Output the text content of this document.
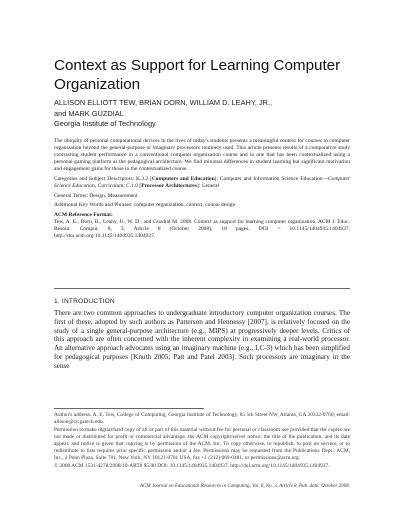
Context as Support for Learning Computer Organization
ALLISON ELLIOTT TEW, BRIAN DORN, WILLIAM D. LEAHY, JR.,
and MARK GUZDIAL
Georgia Institute of Technology

The ubiquity of personal computational devices in the lives of today's students presents a meaningful context for courses in computer organization beyond the general-purpose or imaginary processors routinely used. This article presents results of a comparative study contrasting student performance in a conventional computer organization course and in one that has been contextualized using a personal gaming platform as the pedagogical architecture. We find minimal differences in student learning but significant motivation and engagement gains for those in the contextualized course.

Categories and Subject Descriptors: K.3.2 [Computers and Education]: Computer and Information Science Education—Computer Science Education, Curriculum; C.1.0 [Processor Architectures]: General

General Terms: Design, Measurement

Additional Key Words and Phrases: computer organization, context, course design

ACM Reference Format:
Tew, A. E., Dorn, B., Leahy, Jr., W. D., and Guzdial M. 2008. Context as support for learning computer organization. ACM J. Educ. Resour. Comput. 8, 3, Article 8 (October 2008), 18 pages. DOI = 10.1145/1404935.1404937. http://doi.acm.org/10.1145/1404935.1404937.

1. INTRODUCTION

There are two common approaches to undergraduate introductory computer organization courses. The first of these, adopted by such authors as Patterson and Hennessy [2007], is relatively focused on the study of a single general-purpose architecture (e.g., MIPS) at progressively deeper levels. Critics of this approach are often concerned with the inherent complexity in examining a real-world processor. An alternative approach advocates using an imaginary machine (e.g., LC-3) which has been simplified for pedagogical purposes [Knuth 2005; Patt and Patel 2003]. Such processors are imaginary in the sense

Author's address: A. E. Tew, College of Computing, Georgia Institute of Technology, 85 5th Street NW, Atlanta, GA 30332-0760; email: allison@cc.gatech.edu.

Permission to make digital/hard copy of all or part of this material without fee for personal or classroom use provided that the copies are not made or distributed for profit or commercial advantage, the ACM copyright/server notice, the title of the publication, and its date appear, and notice is given that copying is by permission of the ACM, Inc. To copy otherwise, to republish, to post on servers, or to redistribute to lists requires prior specific permission and/or a fee. Permissions may be requested from the Publications Dept., ACM, Inc., 2 Penn Plaza, Suite 701, New York, NY 10121-0701 USA, fax +1 (212) 869-0481, or permissions@acm.org.

© 2008 ACM 1531-4278/2008/10-ART8 $5.00 DOI: 10.1145/1404935.1404937. http://doi.acm.org/10.1145/1404935.1404937.

ACM Journal on Educational Resources in Computing, Vol. 8, No. 3, Article 8, Pub. date: October 2008.
